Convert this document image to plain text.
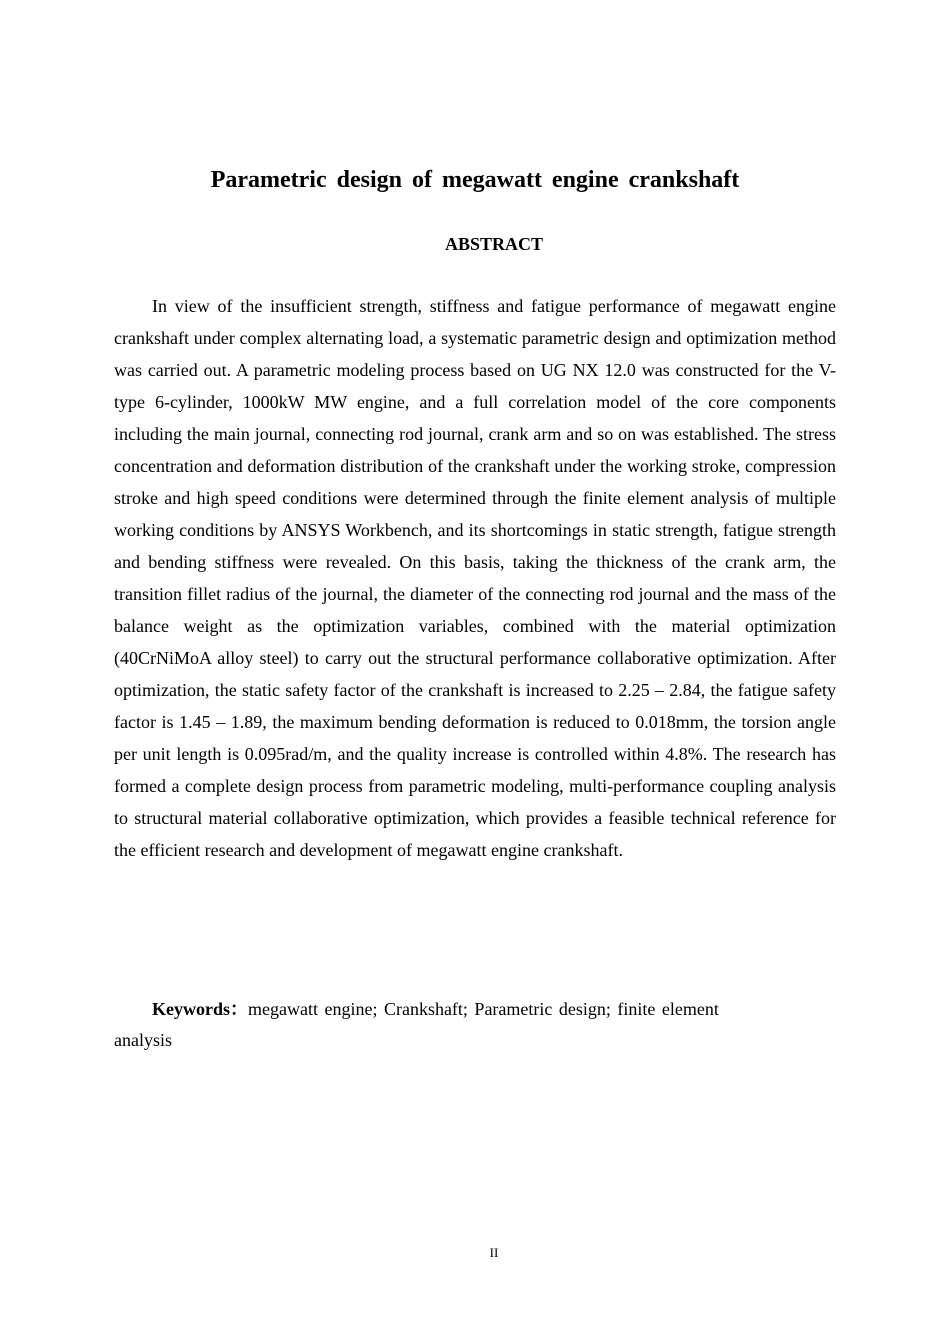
Parametric design of megawatt engine crankshaft
ABSTRACT

In view of the insufficient strength, stiffness and fatigue performance of megawatt engine crankshaft under complex alternating load, a systematic parametric design and optimization method was carried out. A parametric modeling process based on UG NX 12.0 was constructed for the V-type 6-cylinder, 1000kW MW engine, and a full correlation model of the core components including the main journal, connecting rod journal, crank arm and so on was established. The stress concentration and deformation distribution of the crankshaft under the working stroke, compression stroke and high speed conditions were determined through the finite element analysis of multiple working conditions by ANSYS Workbench, and its shortcomings in static strength, fatigue strength and bending stiffness were revealed. On this basis, taking the thickness of the crank arm, the transition fillet radius of the journal, the diameter of the connecting rod journal and the mass of the balance weight as the optimization variables, combined with the material optimization (40CrNiMoA alloy steel) to carry out the structural performance collaborative optimization. After optimization, the static safety factor of the crankshaft is increased to 2.25 – 2.84, the fatigue safety factor is 1.45 – 1.89, the maximum bending deformation is reduced to 0.018mm, the torsion angle per unit length is 0.095rad/m, and the quality increase is controlled within 4.8%. The research has formed a complete design process from parametric modeling, multi-performance coupling analysis to structural material collaborative optimization, which provides a feasible technical reference for the efficient research and development of megawatt engine crankshaft.

Keywords：megawatt engine; Crankshaft; Parametric design; finite element analysis

II
